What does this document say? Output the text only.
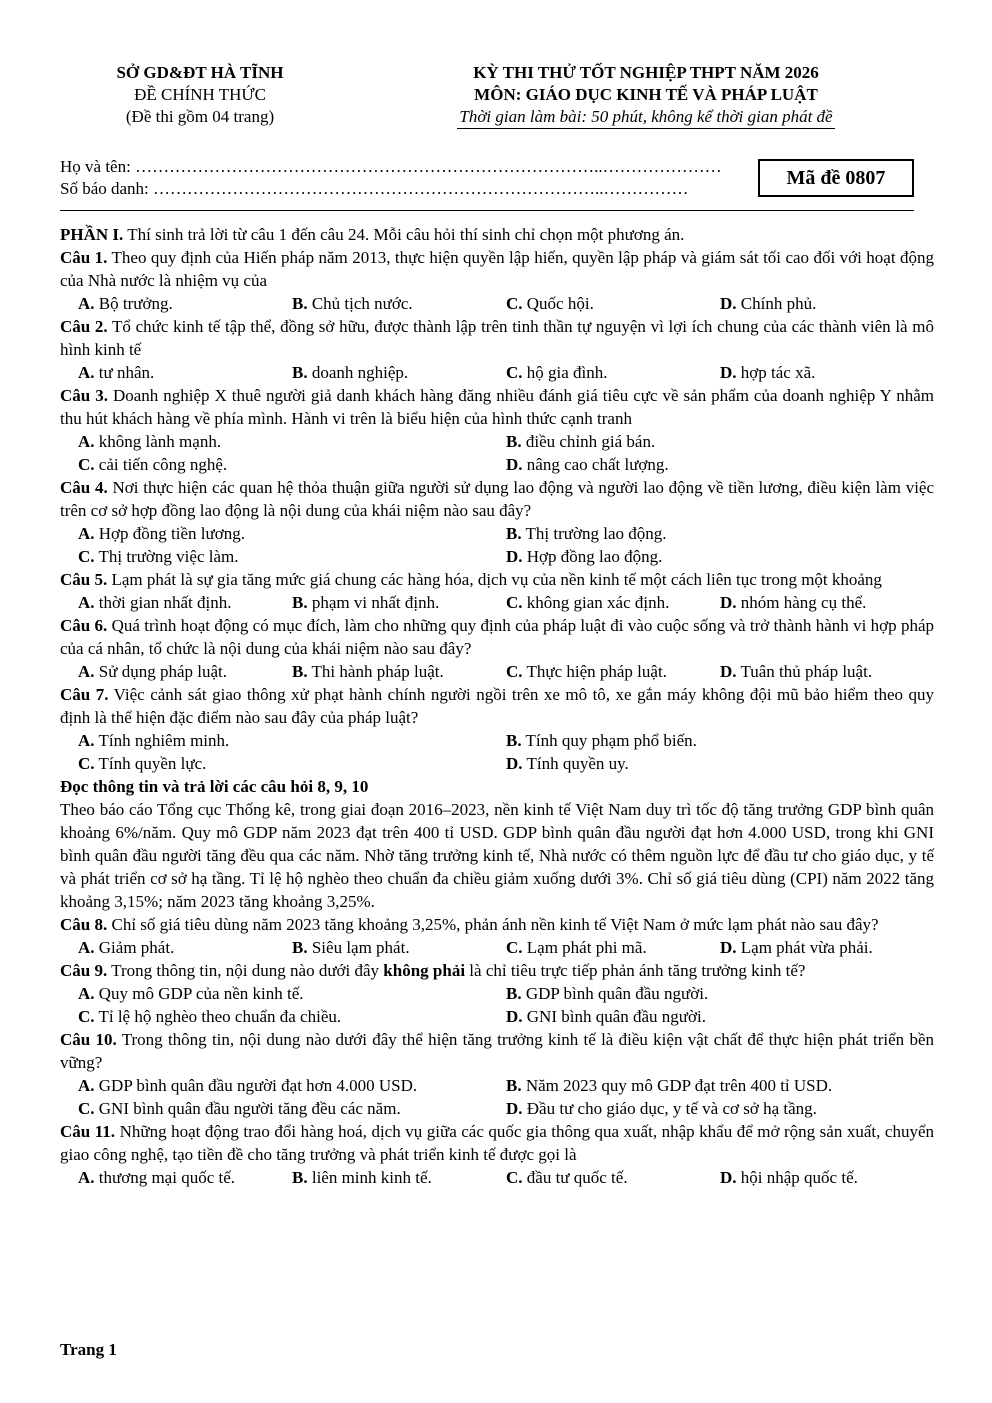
SỞ GD&ĐT HÀ TĨNH
ĐỀ CHÍNH THỨC
(Đề thi gồm 04 trang)
KỲ THI THỬ TỐT NGHIỆP THPT NĂM 2026
MÔN: GIÁO DỤC KINH TẾ VÀ PHÁP LUẬT
Thời gian làm bài: 50 phút, không kể thời gian phát đề
Họ và tên: ………………………………………………………………………..…………………
Số báo danh: ……………………………………………………………………..……………	Mã đề 0807
PHẦN I. Thí sinh trả lời từ câu 1 đến câu 24. Mỗi câu hỏi thí sinh chỉ chọn một phương án.
Câu 1. Theo quy định của Hiến pháp năm 2013, thực hiện quyền lập hiến, quyền lập pháp và giám sát tối cao đối với hoạt động của Nhà nước là nhiệm vụ của
A. Bộ trưởng.	B. Chủ tịch nước.	C. Quốc hội.	D. Chính phủ.
Câu 2. Tổ chức kinh tế tập thể, đồng sở hữu, được thành lập trên tinh thần tự nguyện vì lợi ích chung của các thành viên là mô hình kinh tế
A. tư nhân.	B. doanh nghiệp.	C. hộ gia đình.	D. hợp tác xã.
Câu 3. Doanh nghiệp X thuê người giả danh khách hàng đăng nhiều đánh giá tiêu cực về sản phẩm của doanh nghiệp Y nhằm thu hút khách hàng về phía mình. Hành vi trên là biểu hiện của hình thức cạnh tranh
A. không lành mạnh.	B. điều chỉnh giá bán.
C. cải tiến công nghệ.	D. nâng cao chất lượng.
Câu 4. Nơi thực hiện các quan hệ thỏa thuận giữa người sử dụng lao động và người lao động về tiền lương, điều kiện làm việc trên cơ sở hợp đồng lao động là nội dung của khái niệm nào sau đây?
A. Hợp đồng tiền lương.	B. Thị trường lao động.
C. Thị trường việc làm.	D. Hợp đồng lao động.
Câu 5. Lạm phát là sự gia tăng mức giá chung các hàng hóa, dịch vụ của nền kinh tế một cách liên tục trong một khoảng
A. thời gian nhất định.	B. phạm vi nhất định.	C. không gian xác định.	D. nhóm hàng cụ thể.
Câu 6. Quá trình hoạt động có mục đích, làm cho những quy định của pháp luật đi vào cuộc sống và trở thành hành vi hợp pháp của cá nhân, tổ chức là nội dung của khái niệm nào sau đây?
A. Sử dụng pháp luật.	B. Thi hành pháp luật.	C. Thực hiện pháp luật.	D. Tuân thủ pháp luật.
Câu 7. Việc cảnh sát giao thông xử phạt hành chính người ngồi trên xe mô tô, xe gắn máy không đội mũ bảo hiểm theo quy định là thể hiện đặc điểm nào sau đây của pháp luật?
A. Tính nghiêm minh.	B. Tính quy phạm phổ biến.
C. Tính quyền lực.	D. Tính quyền uy.
Đọc thông tin và trả lời các câu hỏi 8, 9, 10
Theo báo cáo Tổng cục Thống kê, trong giai đoạn 2016–2023, nền kinh tế Việt Nam duy trì tốc độ tăng trưởng GDP bình quân khoảng 6%/năm. Quy mô GDP năm 2023 đạt trên 400 tỉ USD. GDP bình quân đầu người đạt hơn 4.000 USD, trong khi GNI bình quân đầu người tăng đều qua các năm. Nhờ tăng trưởng kinh tế, Nhà nước có thêm nguồn lực để đầu tư cho giáo dục, y tế và phát triển cơ sở hạ tầng. Tỉ lệ hộ nghèo theo chuẩn đa chiều giảm xuống dưới 3%. Chỉ số giá tiêu dùng (CPI) năm 2022 tăng khoảng 3,15%; năm 2023 tăng khoảng 3,25%.
Câu 8. Chỉ số giá tiêu dùng năm 2023 tăng khoảng 3,25%, phản ánh nền kinh tế Việt Nam ở mức lạm phát nào sau đây?
A. Giảm phát.	B. Siêu lạm phát.	C. Lạm phát phi mã.	D. Lạm phát vừa phải.
Câu 9. Trong thông tin, nội dung nào dưới đây không phải là chỉ tiêu trực tiếp phản ánh tăng trưởng kinh tế?
A. Quy mô GDP của nền kinh tế.	B. GDP bình quân đầu người.
C. Tỉ lệ hộ nghèo theo chuẩn đa chiều.	D. GNI bình quân đầu người.
Câu 10. Trong thông tin, nội dung nào dưới đây thể hiện tăng trưởng kinh tế là điều kiện vật chất để thực hiện phát triển bền vững?
A. GDP bình quân đầu người đạt hơn 4.000 USD.	B. Năm 2023 quy mô GDP đạt trên 400 tỉ USD.
C. GNI bình quân đầu người tăng đều các năm.	D. Đầu tư cho giáo dục, y tế và cơ sở hạ tầng.
Câu 11. Những hoạt động trao đổi hàng hoá, dịch vụ giữa các quốc gia thông qua xuất, nhập khẩu để mở rộng sản xuất, chuyển giao công nghệ, tạo tiền đề cho tăng trưởng và phát triển kinh tế được gọi là
A. thương mại quốc tế.	B. liên minh kinh tế.	C. đầu tư quốc tế.	D. hội nhập quốc tế.
Trang 1
